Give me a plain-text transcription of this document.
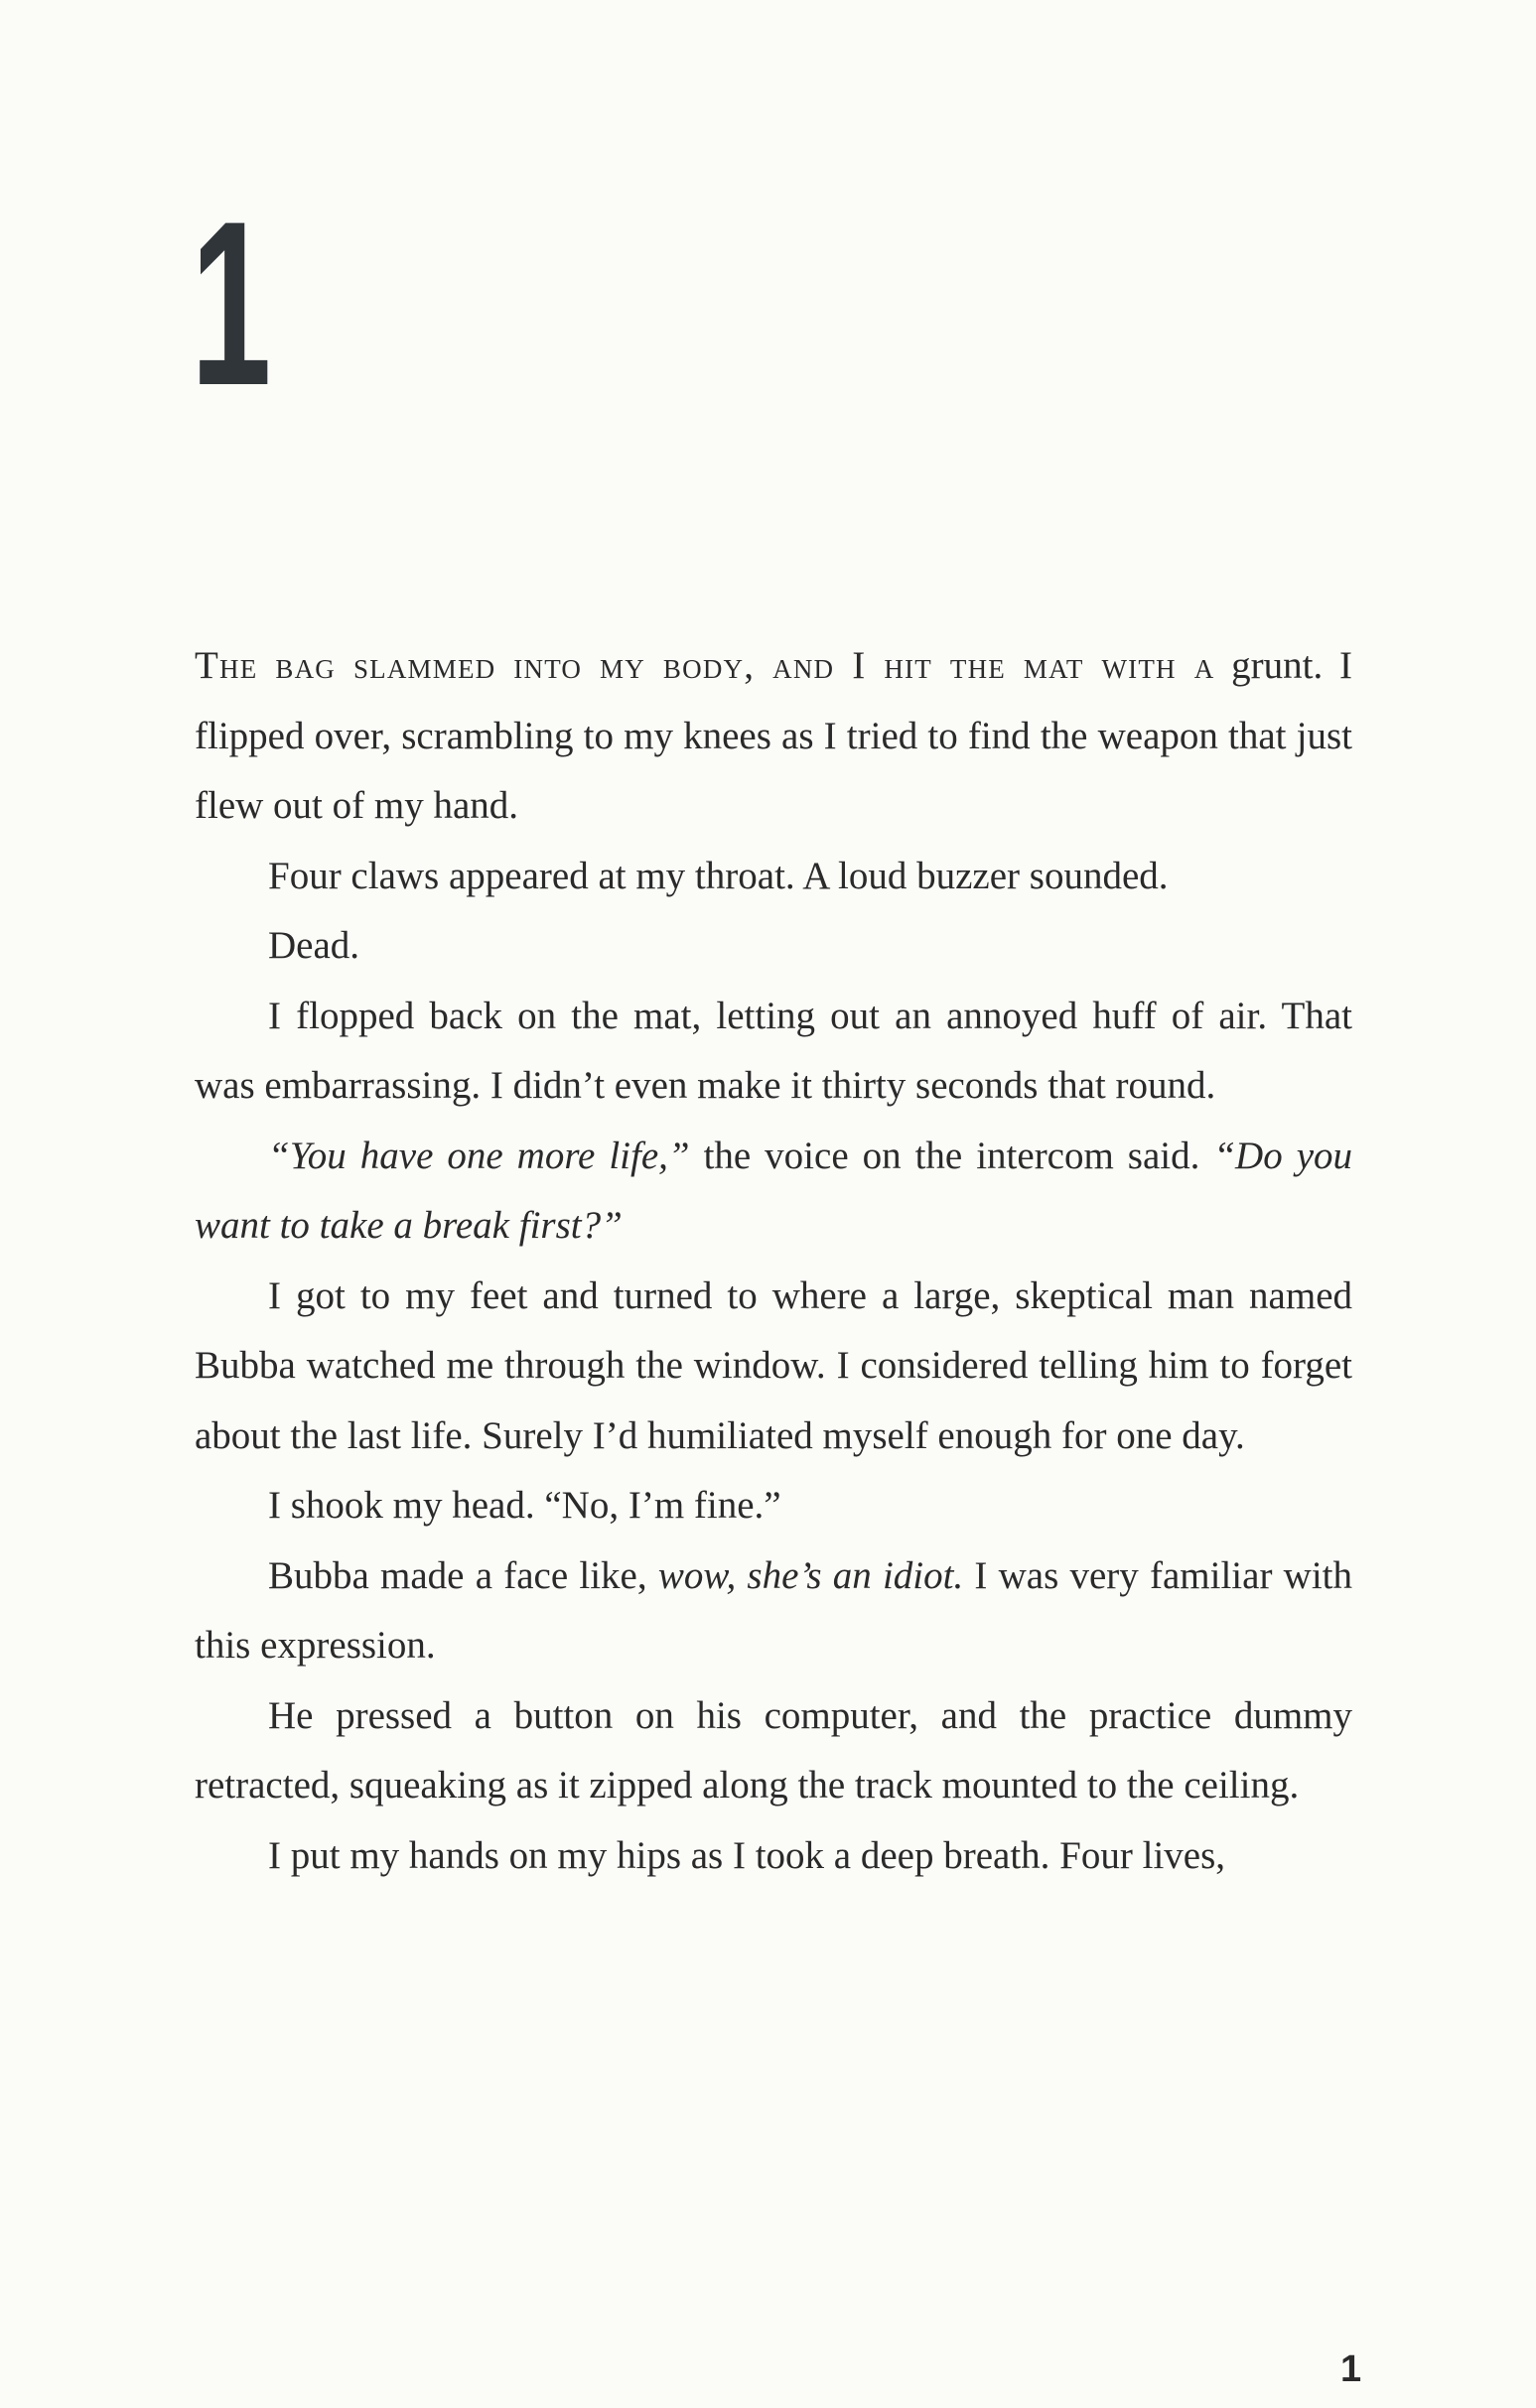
1

The bag slammed into my body, and I hit the mat with a grunt. I flipped over, scrambling to my knees as I tried to find the weapon that just flew out of my hand.

Four claws appeared at my throat. A loud buzzer sounded.

Dead.

I flopped back on the mat, letting out an annoyed huff of air. That was embarrassing. I didn’t even make it thirty seconds that round.

“You have one more life,” the voice on the intercom said. “Do you want to take a break first?”

I got to my feet and turned to where a large, skeptical man named Bubba watched me through the window. I considered telling him to forget about the last life. Surely I’d humiliated myself enough for one day.

I shook my head. “No, I’m fine.”

Bubba made a face like, wow, she’s an idiot. I was very familiar with this expression.

He pressed a button on his computer, and the practice dummy retracted, squeaking as it zipped along the track mounted to the ceiling.

I put my hands on my hips as I took a deep breath. Four lives,

1
